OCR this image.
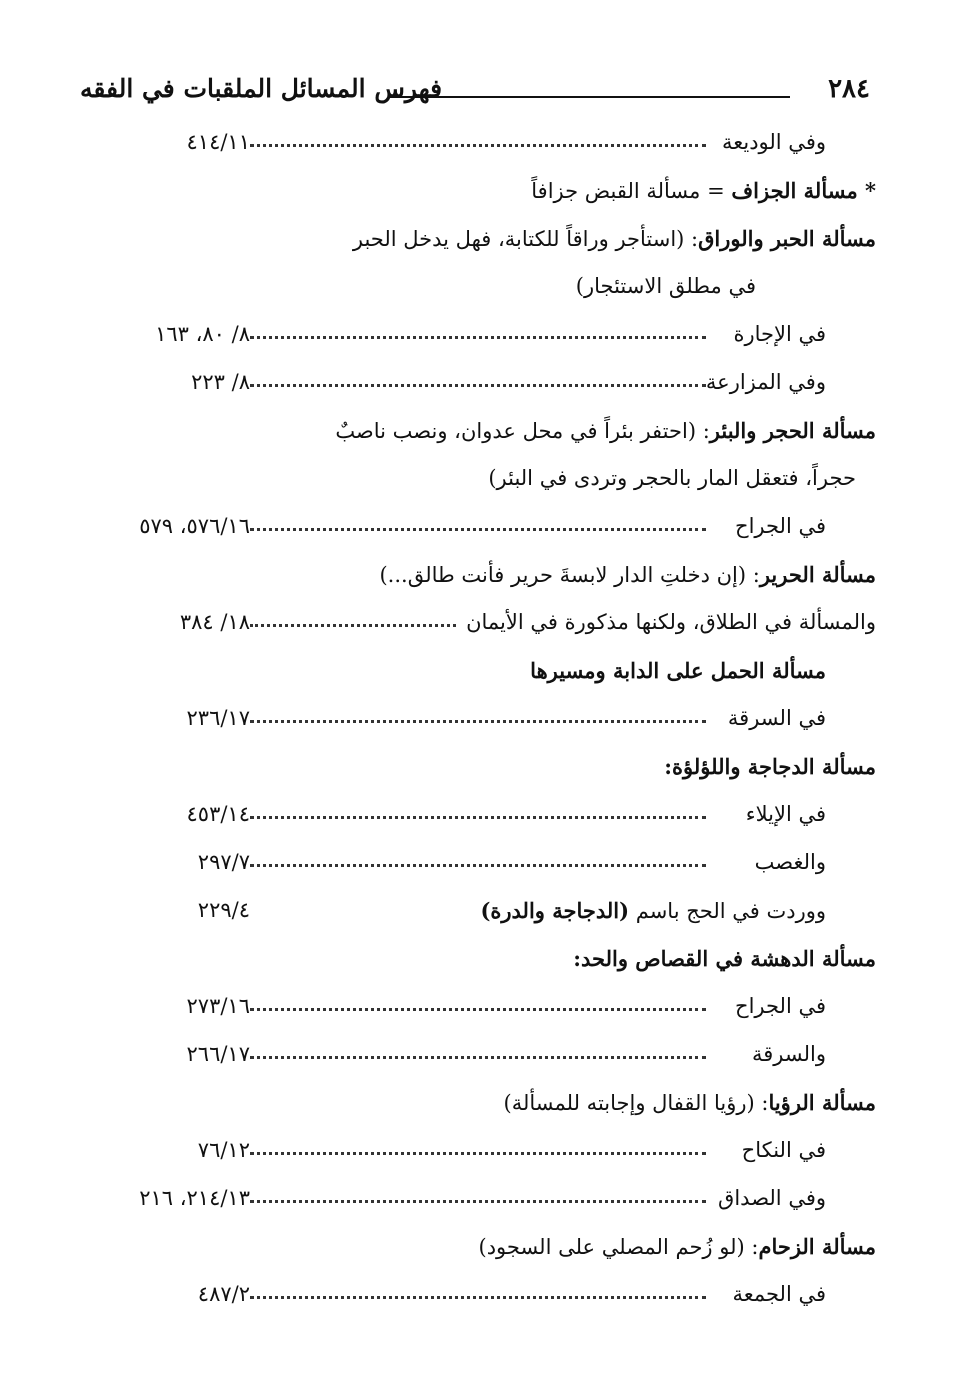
٢٨٤
فهرس المسائل الملقبات في الفقه
وفي الوديعة
٤١٤/١١
* مسألة الجزاف = مسألة القبض جزافاً
مسألة الحبر والوراق: (استأجر وراقاً للكتابة، فهل يدخل الحبر
في مطلق الاستئجار)
في الإجارة
٨/ ٨٠، ١٦٣
وفي المزارعة
٨/ ٢٢٣
مسألة الحجر والبئر: (احتفر بئراً في محل عدوان، ونصب ناصبٌ
حجراً، فتعقل المار بالحجر وتردى في البئر)
في الجراح
٥٧٦/١٦، ٥٧٩
مسألة الحرير: (إن دخلتِ الدار لابسةَ حرير فأنت طالق...)
والمسألة في الطلاق، ولكنها مذكورة في الأيمان
١٨/ ٣٨٤
مسألة الحمل على الدابة ومسيرها
في السرقة
٢٣٦/١٧
مسألة الدجاجة واللؤلؤة:
في الإيلاء
٤٥٣/١٤
والغصب
٢٩٧/٧
ووردت في الحج باسم (الدجاجة والدرة)
٢٢٩/٤
مسألة الدهشة في القصاص والحد:
في الجراح
٢٧٣/١٦
والسرقة
٢٦٦/١٧
مسألة الرؤيا: (رؤيا القفال وإجابته للمسألة)
في النكاح
٧٦/١٢
وفي الصداق
٢١٤/١٣، ٢١٦
مسألة الزحام: (لو زُحم المصلي على السجود)
في الجمعة
٤٨٧/٢
